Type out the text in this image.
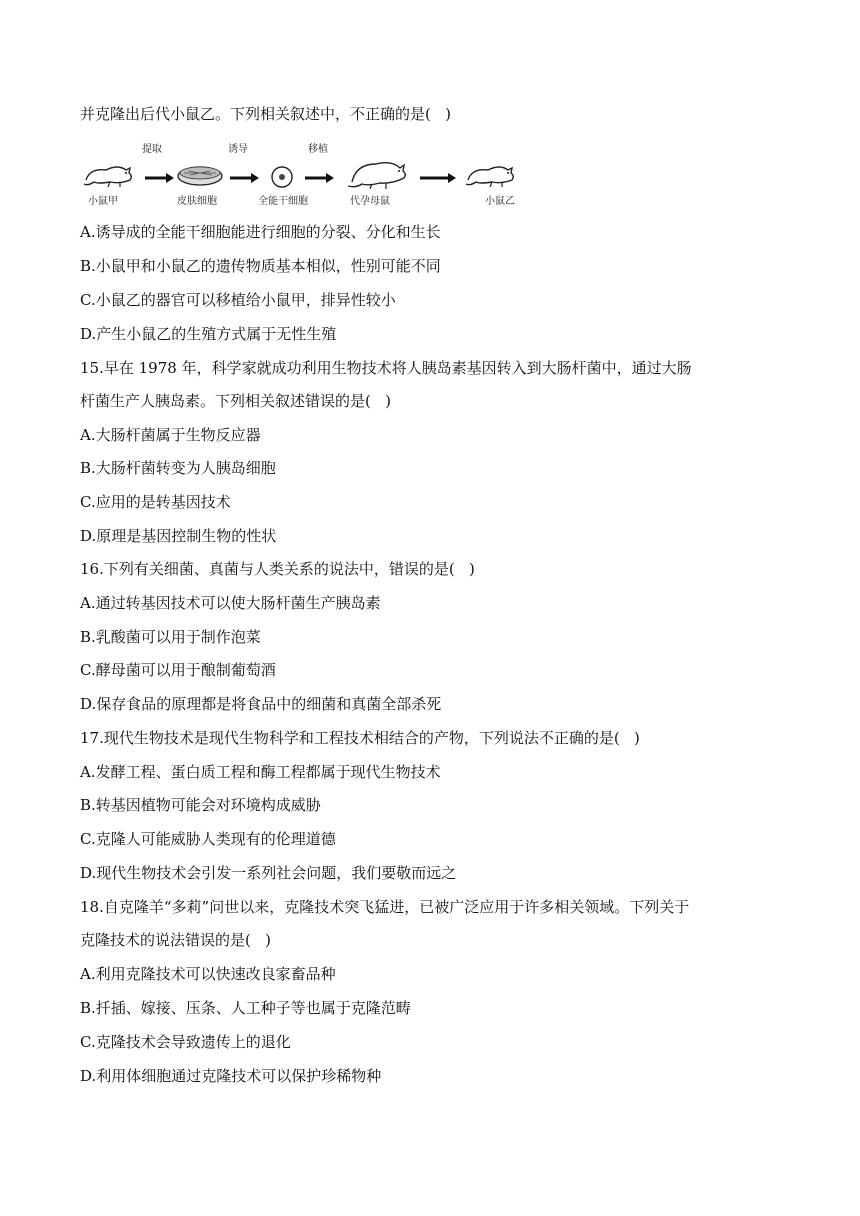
并克隆出后代小鼠乙。下列相关叙述中，不正确的是(   )
小鼠甲
提取
皮肤细胞
诱导
全能干细胞
移植
代孕母鼠	小鼠乙
A.诱导成的全能干细胞能进行细胞的分裂、分化和生长
B.小鼠甲和小鼠乙的遗传物质基本相似，性别可能不同
C.小鼠乙的器官可以移植给小鼠甲，排异性较小
D.产生小鼠乙的生殖方式属于无性生殖
15.早在 1978 年，科学家就成功利用生物技术将人胰岛素基因转入到大肠杆菌中，通过大肠
杆菌生产人胰岛素。下列相关叙述错误的是(   )
A.大肠杆菌属于生物反应器
B.大肠杆菌转变为人胰岛细胞
C.应用的是转基因技术
D.原理是基因控制生物的性状
16.下列有关细菌、真菌与人类关系的说法中，错误的是(   )
A.通过转基因技术可以使大肠杆菌生产胰岛素
B.乳酸菌可以用于制作泡菜
C.酵母菌可以用于酿制葡萄酒
D.保存食品的原理都是将食品中的细菌和真菌全部杀死
17.现代生物技术是现代生物科学和工程技术相结合的产物，下列说法不正确的是(   )
A.发酵工程、蛋白质工程和酶工程都属于现代生物技术
B.转基因植物可能会对环境构成威胁
C.克隆人可能威胁人类现有的伦理道德
D.现代生物技术会引发一系列社会问题，我们要敬而远之
18.自克隆羊“多莉”问世以来，克隆技术突飞猛进，已被广泛应用于许多相关领域。下列关于
克隆技术的说法错误的是(   )
A.利用克隆技术可以快速改良家畜品种
B.扦插、嫁接、压条、人工种子等也属于克隆范畴
C.克隆技术会导致遗传上的退化
D.利用体细胞通过克隆技术可以保护珍稀物种
